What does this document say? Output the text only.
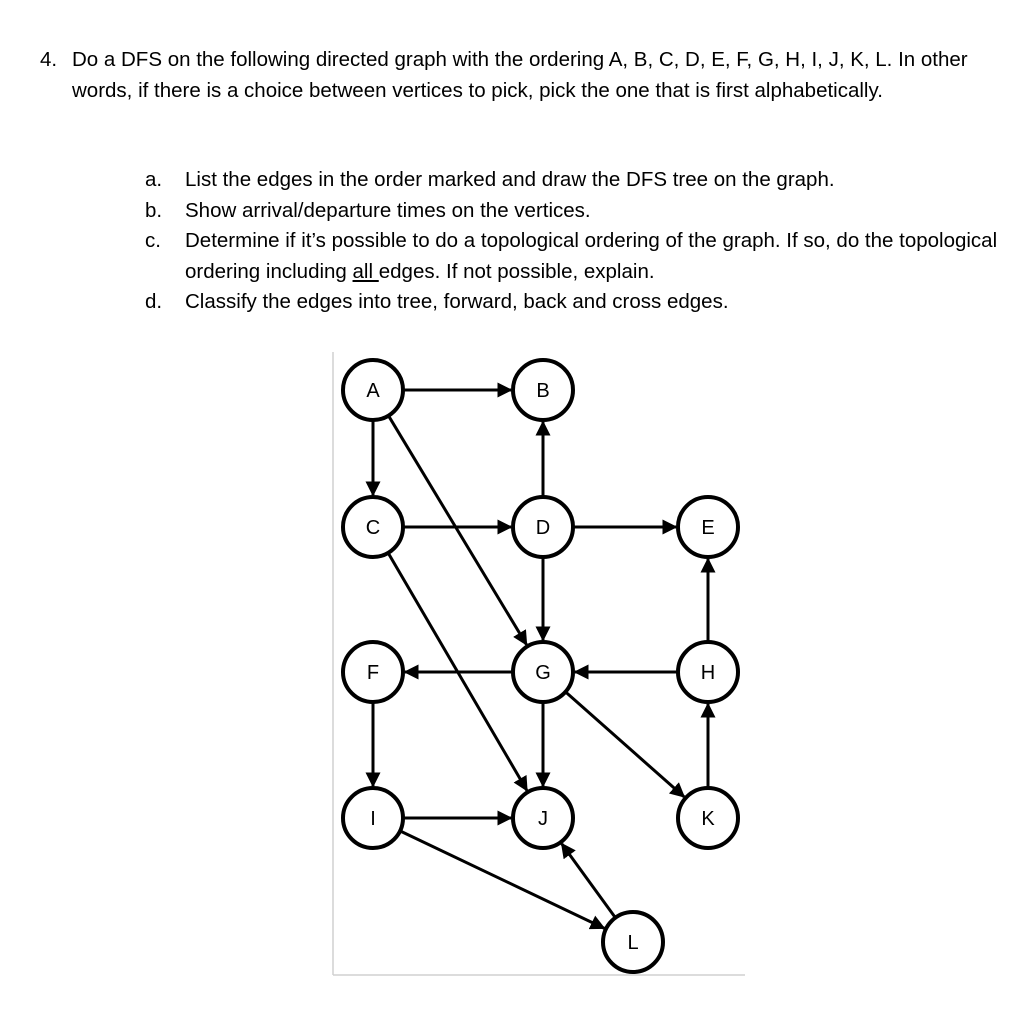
4. Do a DFS on the following directed graph with the ordering A, B, C, D, E, F, G, H, I, J, K, L. In other words, if there is a choice between vertices to pick, pick the one that is first alphabetically.
a. List the edges in the order marked and draw the DFS tree on the graph.
b. Show arrival/departure times on the vertices.
c. Determine if it’s possible to do a topological ordering of the graph. If so, do the topological ordering including all edges. If not possible, explain.
d. Classify the edges into tree, forward, back and cross edges.
A	B
C	D	E
F	G	H
I	J	K
L
